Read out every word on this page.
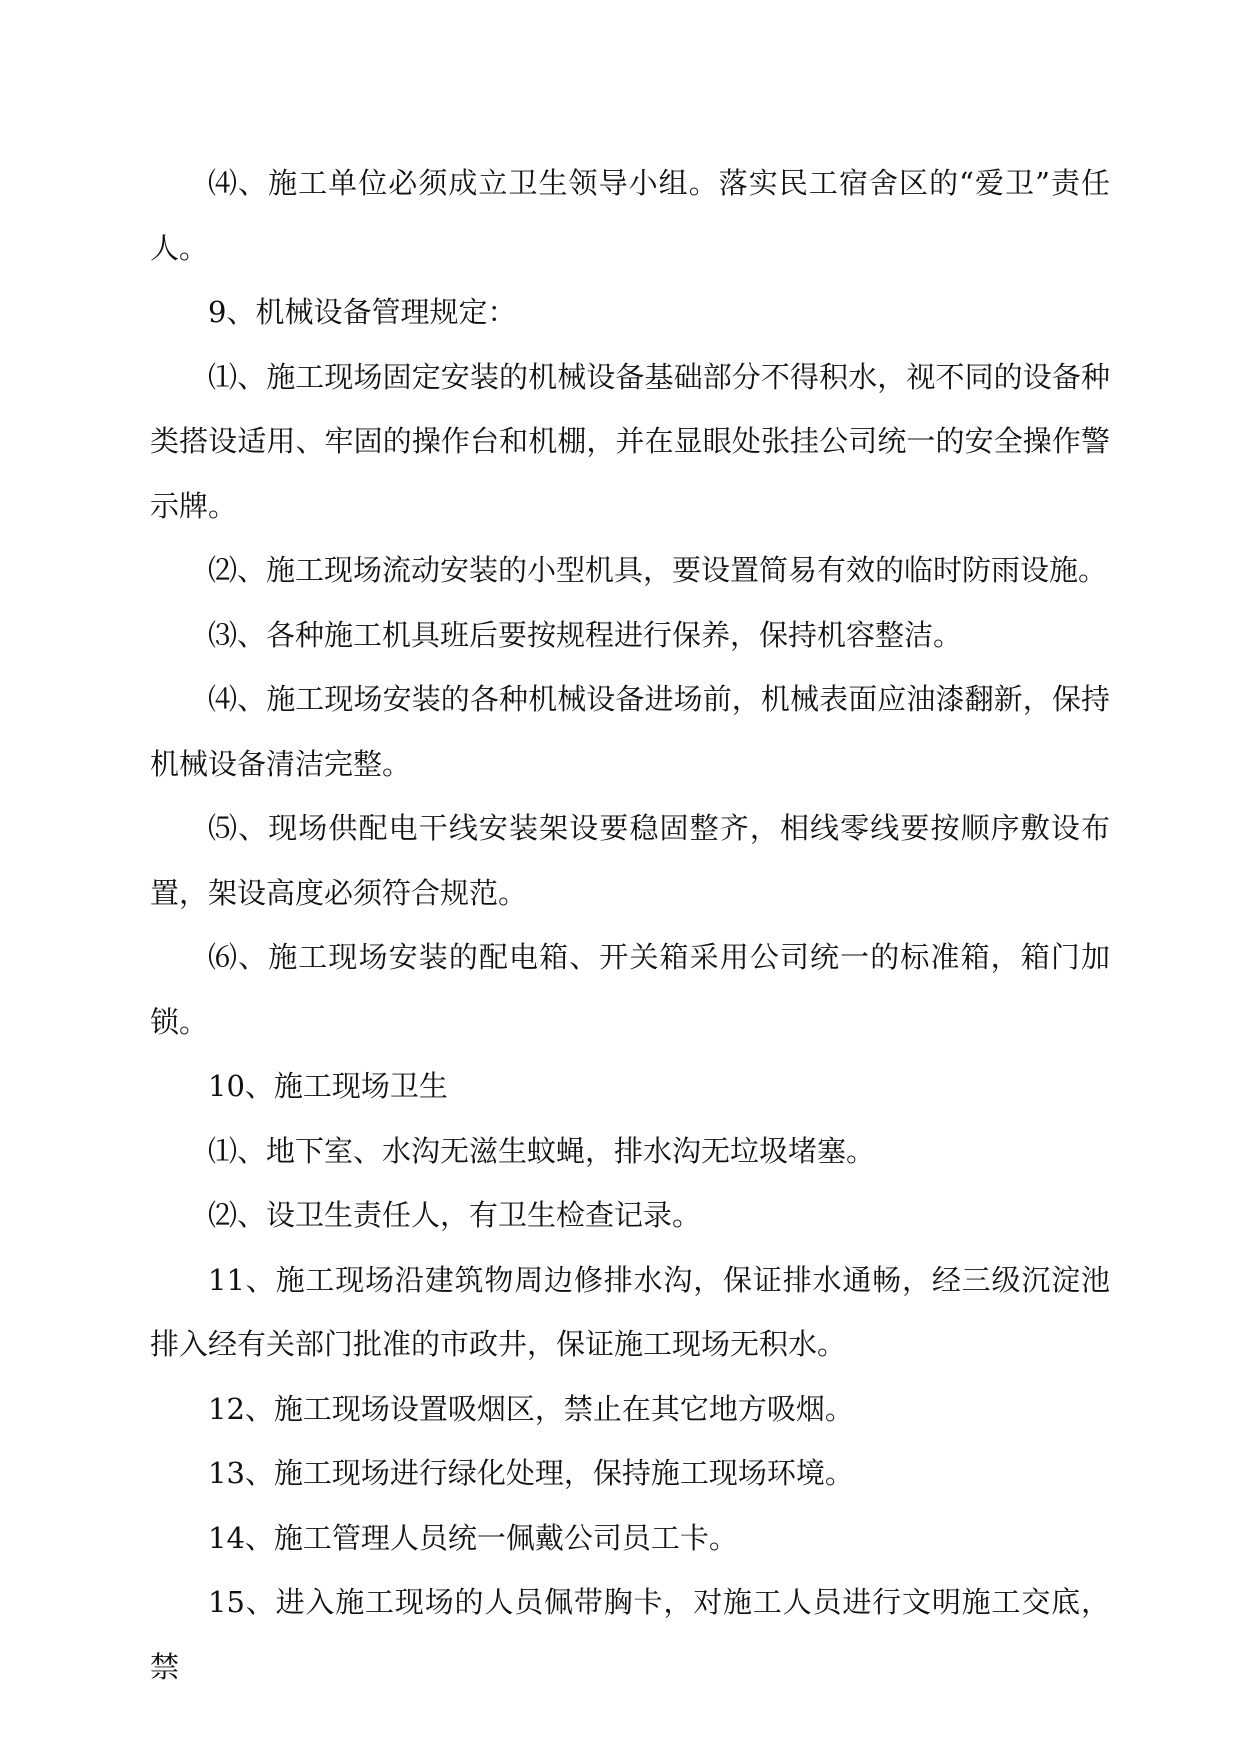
⑷、施工单位必须成立卫生领导小组。落实民工宿舍区的“爱卫”责任人。

9、机械设备管理规定：

⑴、施工现场固定安装的机械设备基础部分不得积水，视不同的设备种类搭设适用、牢固的操作台和机棚，并在显眼处张挂公司统一的安全操作警示牌。

⑵、施工现场流动安装的小型机具，要设置简易有效的临时防雨设施。

⑶、各种施工机具班后要按规程进行保养，保持机容整洁。

⑷、施工现场安装的各种机械设备进场前，机械表面应油漆翻新，保持机械设备清洁完整。

⑸、现场供配电干线安装架设要稳固整齐，相线零线要按顺序敷设布置，架设高度必须符合规范。

⑹、施工现场安装的配电箱、开关箱采用公司统一的标准箱，箱门加锁。

10、施工现场卫生

⑴、地下室、水沟无滋生蚊蝇，排水沟无垃圾堵塞。

⑵、设卫生责任人，有卫生检查记录。

11、施工现场沿建筑物周边修排水沟，保证排水通畅，经三级沉淀池排入经有关部门批准的市政井，保证施工现场无积水。

12、施工现场设置吸烟区，禁止在其它地方吸烟。

13、施工现场进行绿化处理，保持施工现场环境。

14、施工管理人员统一佩戴公司员工卡。

15、进入施工现场的人员佩带胸卡，对施工人员进行文明施工交底，禁
